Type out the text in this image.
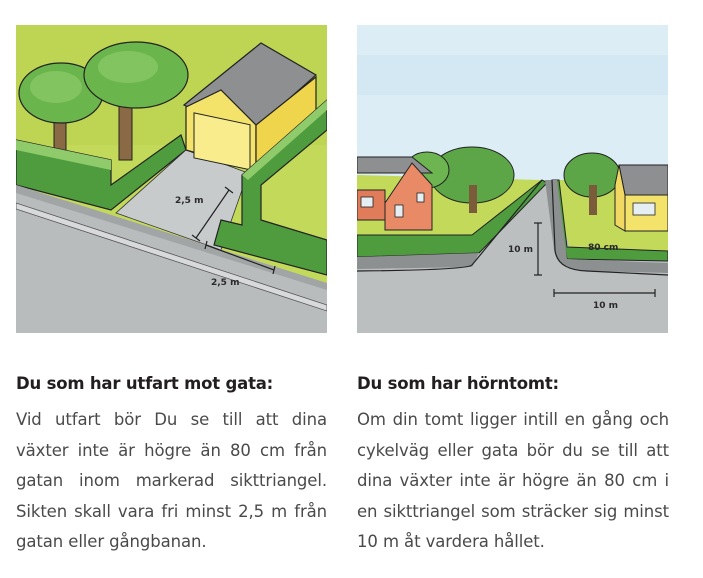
2,5 m
2,5 m
10 m
10 m
80 cm
Du som har utfart mot gata:

Vid utfart bör Du se till att dina växter inte är högre än 80 cm från gatan inom markerad sikttriangel. Sikten skall vara fri minst 2,5 m från gatan eller gångbanan.

Du som har hörntomt:

Om din tomt ligger intill en gång och cykelväg eller gata bör du se till att dina växter inte är högre än 80 cm i en sikttriangel som sträcker sig minst 10 m åt vardera hållet.
